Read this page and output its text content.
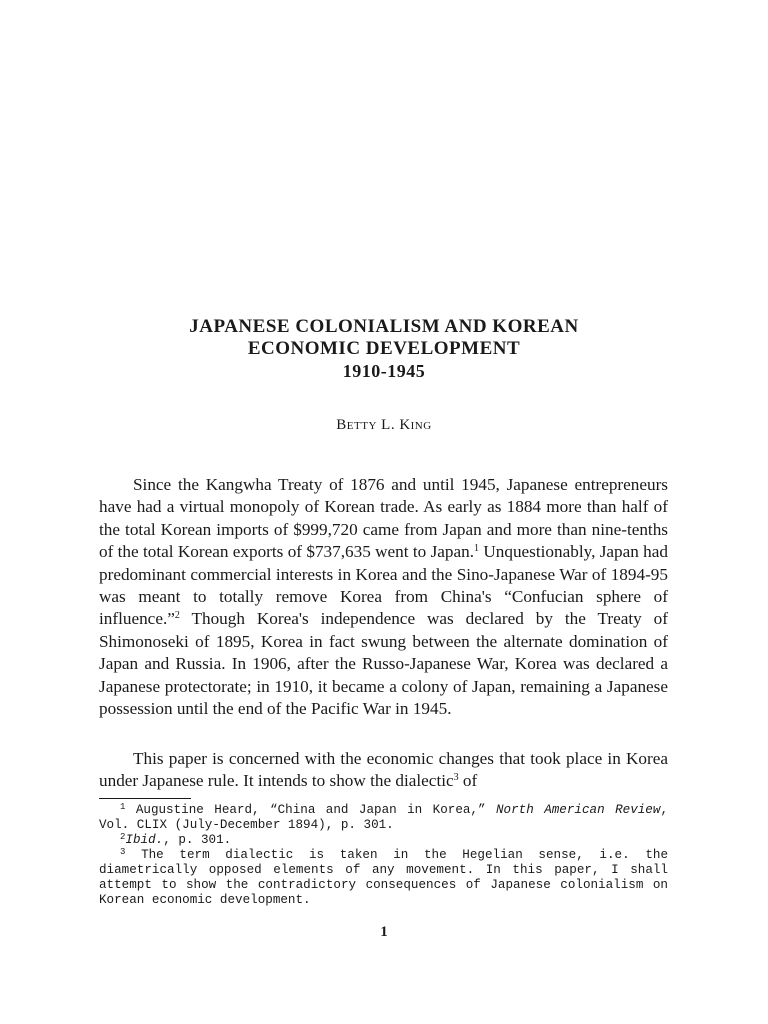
JAPANESE COLONIALISM AND KOREAN
ECONOMIC DEVELOPMENT
1910-1945
Betty L. King

Since the Kangwha Treaty of 1876 and until 1945, Japanese entrepreneurs have had a virtual monopoly of Korean trade. As early as 1884 more than half of the total Korean imports of $999,720 came from Japan and more than nine-tenths of the total Korean exports of $737,635 went to Japan.$^1$ Unquestionably, Japan had predominant commercial interests in Korea and the Sino-Japanese War of 1894-95 was meant to totally remove Korea from China's “Confucian sphere of influence.”$^2$ Though Korea's independence was declared by the Treaty of Shimonoseki of 1895, Korea in fact swung between the alternate domination of Japan and Russia. In 1906, after the Russo-Japanese War, Korea was declared a Japanese protectorate; in 1910, it became a colony of Japan, remaining a Japanese possession until the end of the Pacific War in 1945.

This paper is concerned with the economic changes that took place in Korea under Japanese rule. It intends to show the dialectic$^3$ of

$^1$ Augustine Heard, “China and Japan in Korea,” North American Review, Vol. CLIX (July-December 1894), p. 301.

$^2$Ibid., p. 301.

$^3$ The term dialectic is taken in the Hegelian sense, i.e. the diametrically opposed elements of any movement. In this paper, I shall attempt to show the contradictory consequences of Japanese colonialism on Korean economic development.

1
